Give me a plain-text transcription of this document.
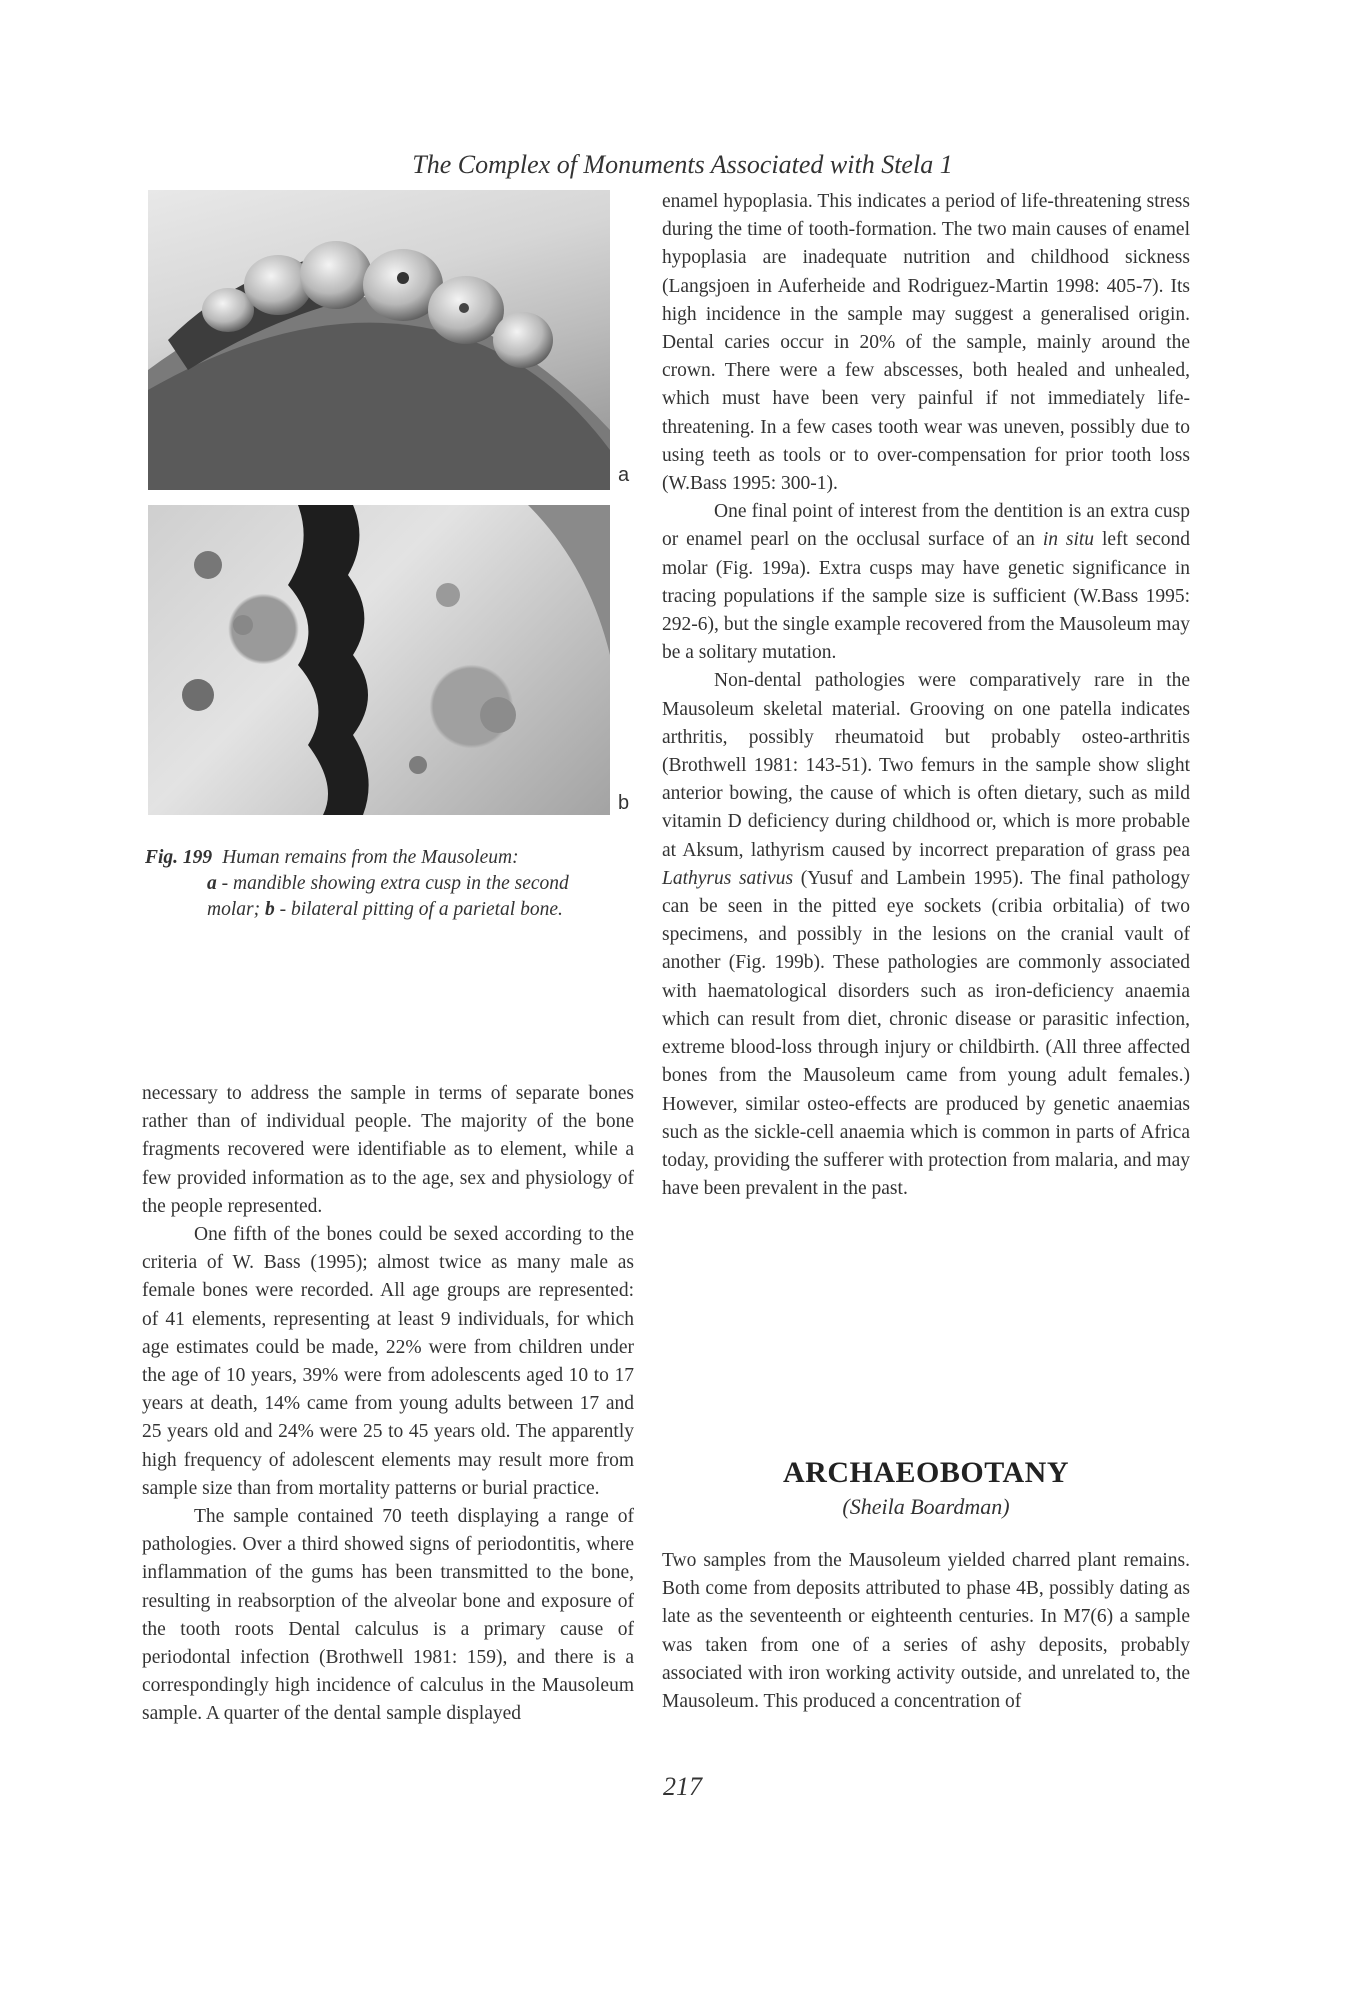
The Complex of Monuments Associated with Stela 1
a
b
Fig. 199 Human remains from the Mausoleum:
a - mandible showing extra cusp in the second molar; b - bilateral pitting of a parietal bone.

necessary to address the sample in terms of separate bones rather than of individual people. The majority of the bone fragments recovered were identifiable as to element, while a few provided information as to the age, sex and physiology of the people represented.

One fifth of the bones could be sexed according to the criteria of W. Bass (1995); almost twice as many male as female bones were recorded. All age groups are represented: of 41 elements, representing at least 9 individuals, for which age estimates could be made, 22% were from children under the age of 10 years, 39% were from adolescents aged 10 to 17 years at death, 14% came from young adults between 17 and 25 years old and 24% were 25 to 45 years old. The apparently high frequency of adolescent elements may result more from sample size than from mortality patterns or burial practice.

The sample contained 70 teeth displaying a range of pathologies. Over a third showed signs of periodontitis, where inflammation of the gums has been transmitted to the bone, resulting in reabsorption of the alveolar bone and exposure of the tooth roots Dental calculus is a primary cause of periodontal infection (Brothwell 1981: 159), and there is a correspondingly high incidence of calculus in the Mausoleum sample. A quarter of the dental sample displayed

enamel hypoplasia. This indicates a period of life-threatening stress during the time of tooth-formation. The two main causes of enamel hypoplasia are inadequate nutrition and childhood sickness (Langsjoen in Auferheide and Rodriguez-Martin 1998: 405-7). Its high incidence in the sample may suggest a generalised origin. Dental caries occur in 20% of the sample, mainly around the crown. There were a few abscesses, both healed and unhealed, which must have been very painful if not immediately life-threatening. In a few cases tooth wear was uneven, possibly due to using teeth as tools or to over-compensation for prior tooth loss (W.Bass 1995: 300-1).

One final point of interest from the dentition is an extra cusp or enamel pearl on the occlusal surface of an in situ left second molar (Fig. 199a). Extra cusps may have genetic significance in tracing populations if the sample size is sufficient (W.Bass 1995: 292-6), but the single example recovered from the Mausoleum may be a solitary mutation.

Non-dental pathologies were comparatively rare in the Mausoleum skeletal material. Grooving on one patella indicates arthritis, possibly rheumatoid but probably osteo-arthritis (Brothwell 1981: 143-51). Two femurs in the sample show slight anterior bowing, the cause of which is often dietary, such as mild vitamin D deficiency during childhood or, which is more probable at Aksum, lathyrism caused by incorrect preparation of grass pea Lathyrus sativus (Yusuf and Lambein 1995). The final pathology can be seen in the pitted eye sockets (cribia orbitalia) of two specimens, and possibly in the lesions on the cranial vault of another (Fig. 199b). These pathologies are commonly associated with haematological disorders such as iron-deficiency anaemia which can result from diet, chronic disease or parasitic infection, extreme blood-loss through injury or childbirth. (All three affected bones from the Mausoleum came from young adult females.) However, similar osteo-effects are produced by genetic anaemias such as the sickle-cell anaemia which is common in parts of Africa today, providing the sufferer with protection from malaria, and may have been prevalent in the past.

ARCHAEOBOTANY
(Sheila Boardman)

Two samples from the Mausoleum yielded charred plant remains. Both come from deposits attributed to phase 4B, possibly dating as late as the seventeenth or eighteenth centuries. In M7(6) a sample was taken from one of a series of ashy deposits, probably associated with iron working activity outside, and unrelated to, the Mausoleum. This produced a concentration of

217
